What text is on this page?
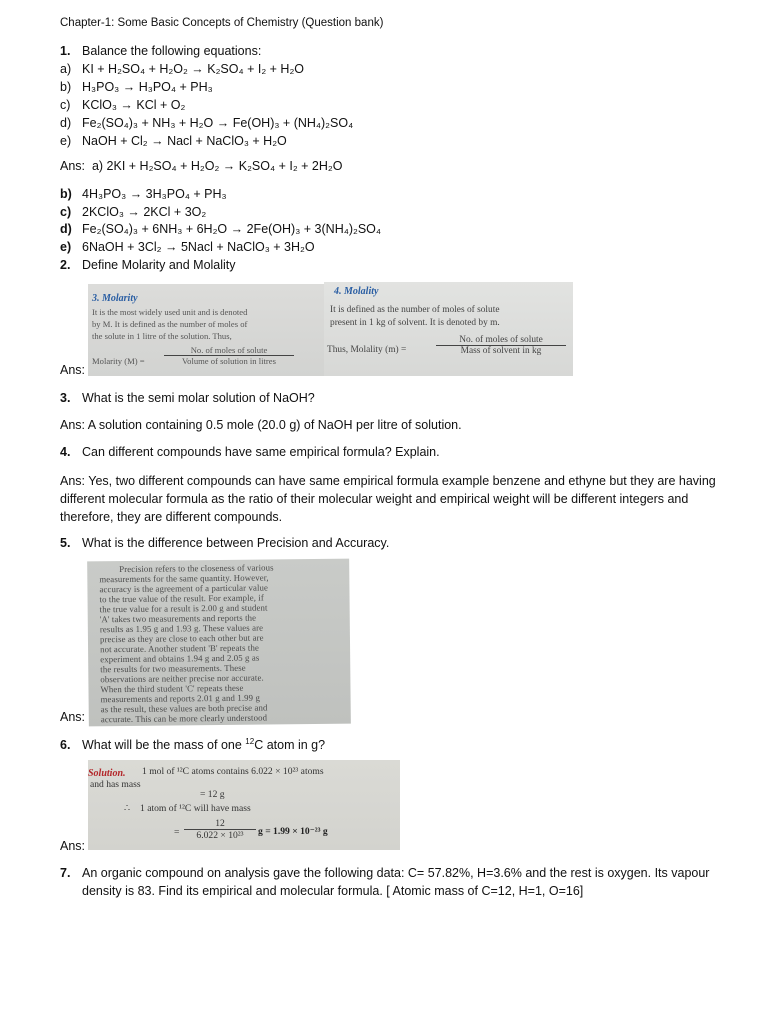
Chapter-1: Some Basic Concepts of Chemistry (Question bank)
1. Balance the following equations:
a) KI + H₂SO₄ + H₂O₂ → K₂SO₄ + I₂ + H₂O
b) H₃PO₃ → H₃PO₄ + PH₃
c) KClO₃ → KCl + O₂
d) Fe₂(SO₄)₃ + NH₃ + H₂O → Fe(OH)₃ + (NH₄)₂SO₄
e) NaOH + Cl₂ → Nacl + NaClO₃ + H₂O
Ans:  a) 2KI + H₂SO₄ + H₂O₂ → K₂SO₄ + I₂ + 2H₂O
b) 4H₃PO₃ → 3H₃PO₄ + PH₃
c) 2KClO₃ → 2KCl + 3O₂
d) Fe₂(SO₄)₃ + 6NH₃ + 6H₂O → 2Fe(OH)₃ + 3(NH₄)₂SO₄
e) 6NaOH + 3Cl₂ → 5Nacl + NaClO₃ + 3H₂O
2. Define Molarity and Molality
3. Molarity
It is the most widely used unit and is denoted
by M. It is defined as the number of moles of
the solute in 1 litre of the solution. Thus,
Molarity (M) =
No. of moles of solute
Volume of solution in litres
4. Molality
It is defined as the number of moles of solute
present in 1 kg of solvent. It is denoted by m.
Thus, Molality (m) =
No. of moles of solute
Mass of solvent in kg
Ans:
3. What is the semi molar solution of NaOH?
Ans: A solution containing 0.5 mole (20.0 g) of NaOH per litre of solution.
4. Can different compounds have same empirical formula? Explain.
Ans: Yes, two different compounds can have same empirical formula example benzene and ethyne but they are having different molecular formula as the ratio of their molecular weight and empirical weight will be different integers and therefore, they are different compounds.
5. What is the difference between Precision and Accuracy.
Precision refers to the closeness of various
measurements for the same quantity. However,
accuracy is the agreement of a particular value
to the true value of the result. For example, if
the true value for a result is 2.00 g and student
'A' takes two measurements and reports the
results as 1.95 g and 1.93 g. These values are
precise as they are close to each other but are
not accurate. Another student 'B' repeats the
experiment and obtains 1.94 g and 2.05 g as
the results for two measurements. These
observations are neither precise nor accurate.
When the third student 'C' repeats these
measurements and reports 2.01 g and 1.99 g
as the result, these values are both precise and
accurate. This can be more clearly understood
Ans:
6. What will be the mass of one $^{12}$C atom in g?
Solution. 1 mol of ¹²C atoms contains 6.022 × 10²³ atoms
and has mass
= 12 g
∴ 1 atom of ¹²C will have mass
= $\frac{12}{\text{6.022 × 10²³}}$ g = 1.99 × 10⁻²³ g
Ans:
7. An organic compound on analysis gave the following data: C= 57.82%, H=3.6% and the rest is oxygen. Its vapour
density is 83. Find its empirical and molecular formula. [ Atomic mass of C=12, H=1, O=16]
